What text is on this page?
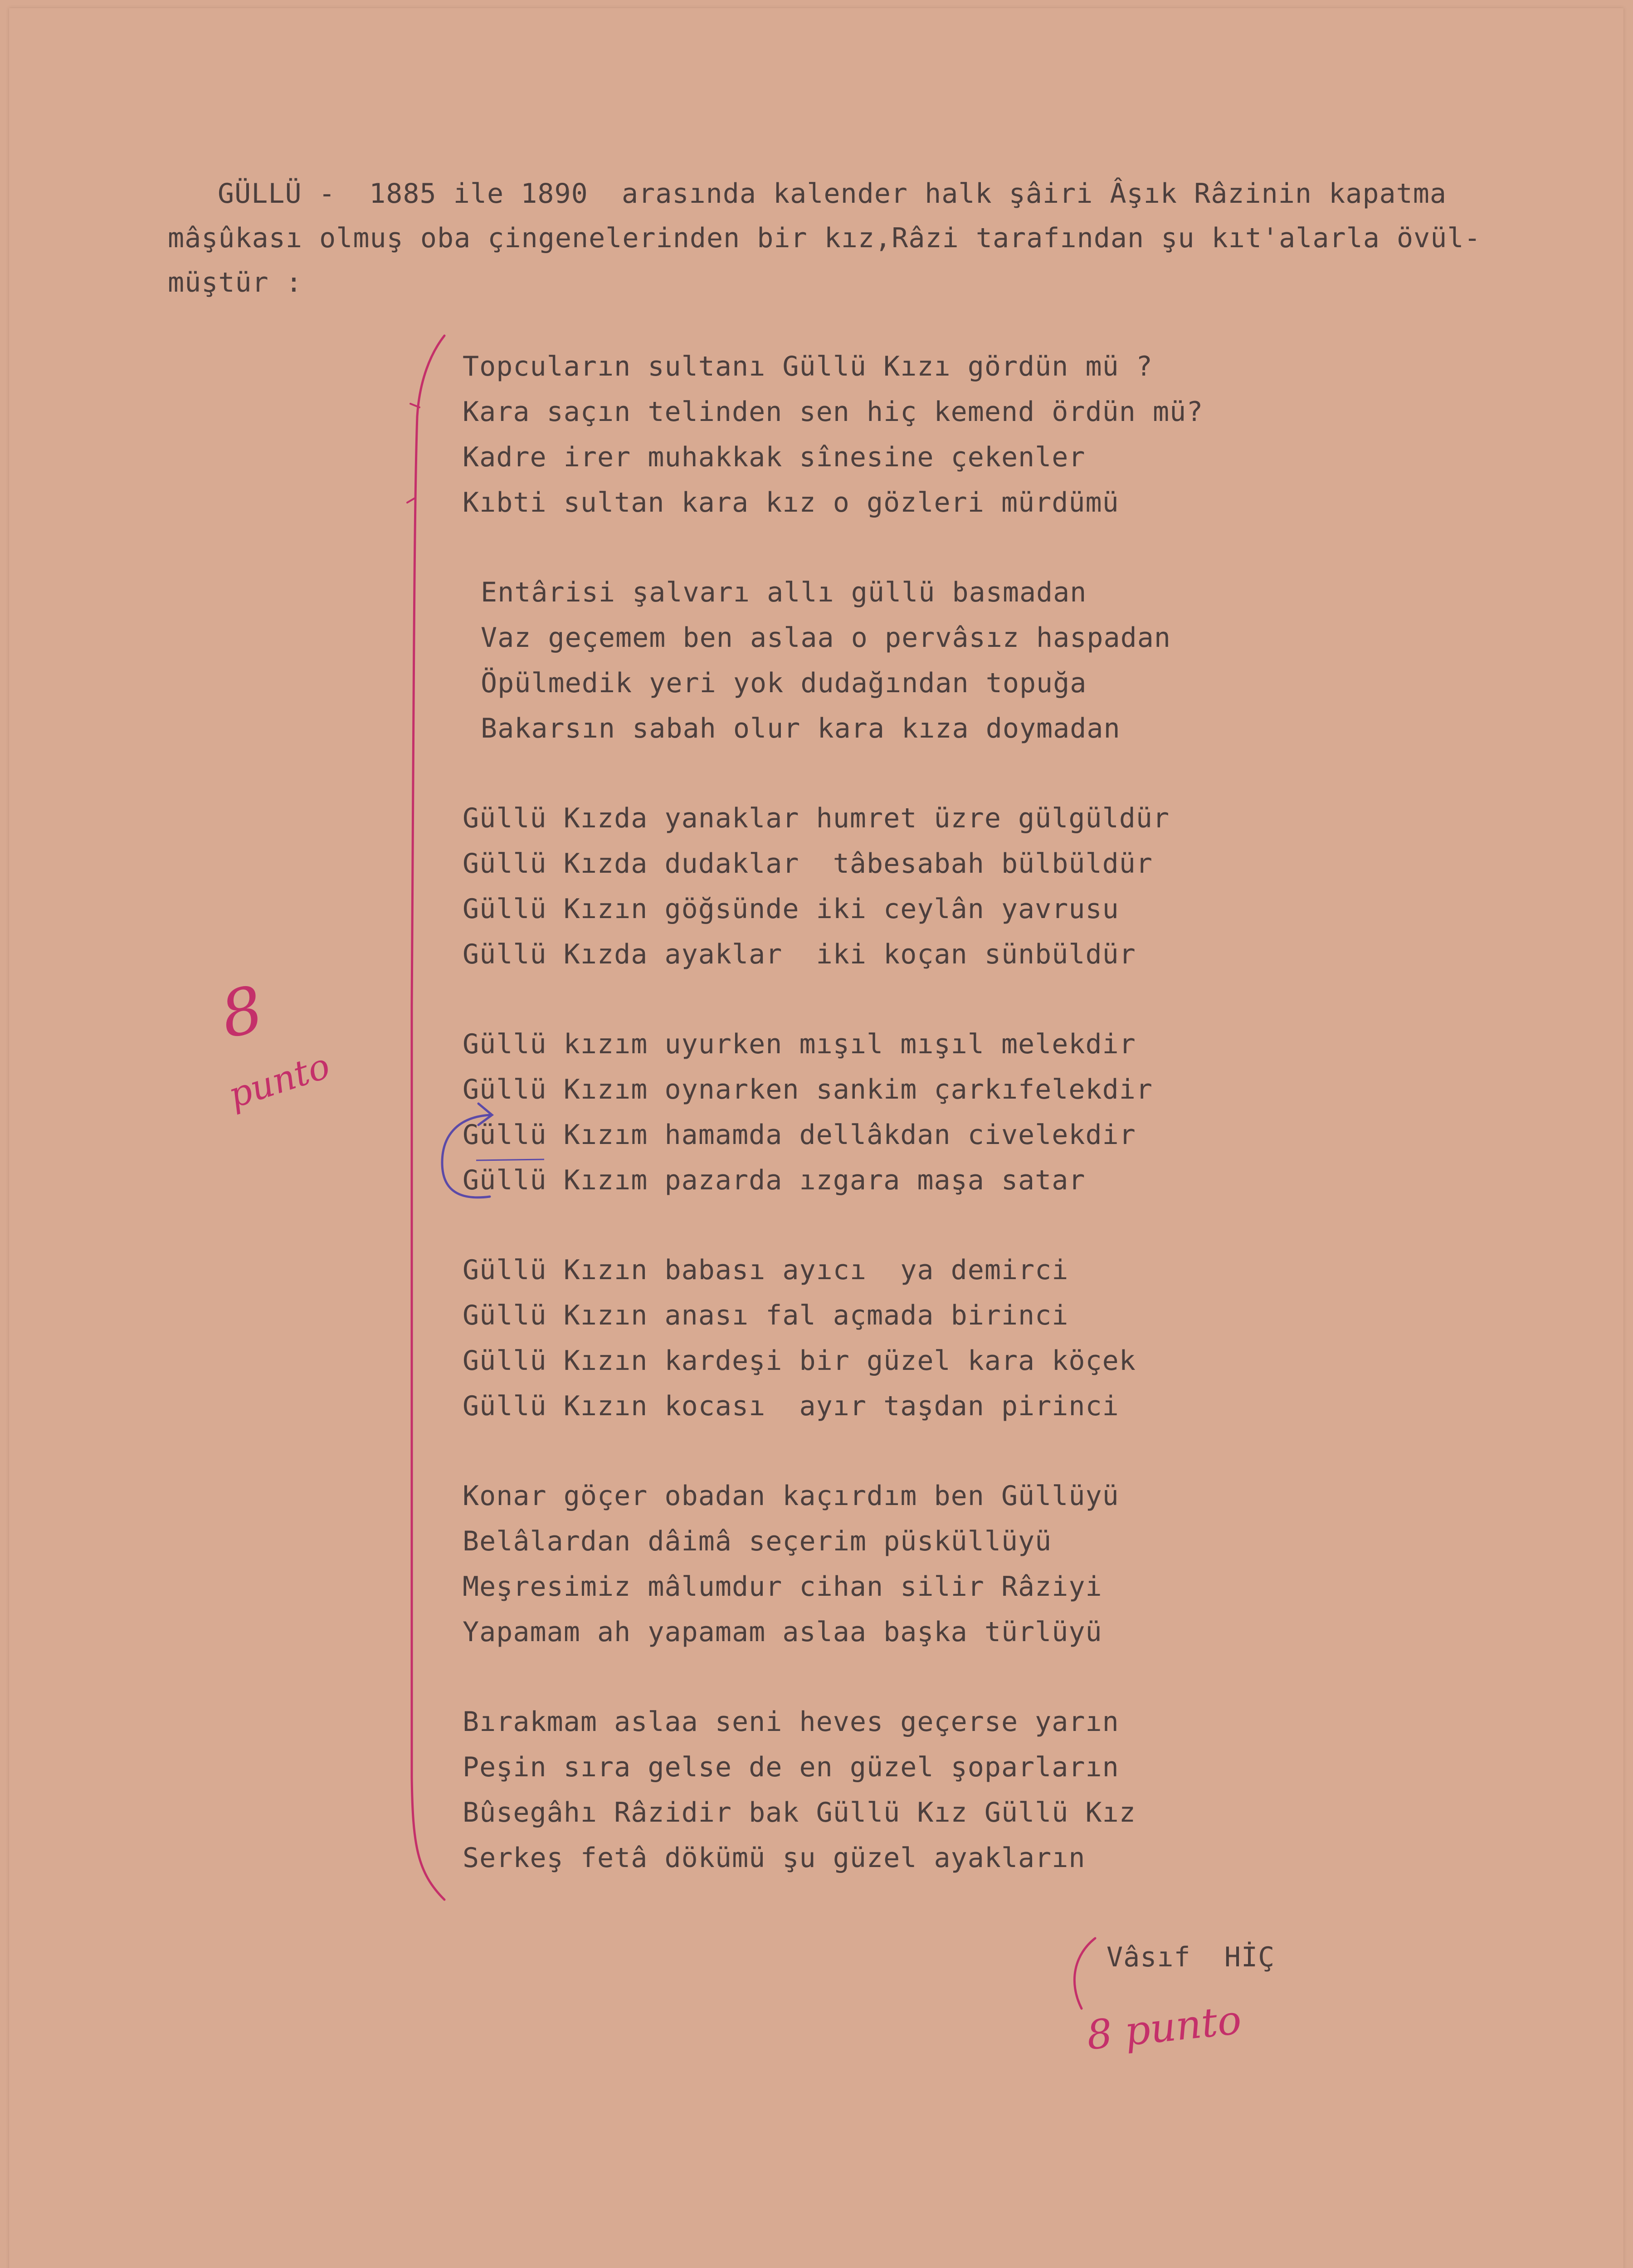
GÜLLÜ -  1885 ile 1890  arasında kalender halk şâiri Âşık Râzinin kapatma
mâşûkası olmuş oba çingenelerinden bir kız,Râzi tarafından şu kıt'alarla övül-
müştür :
Topcuların sultanı Güllü Kızı gördün mü ?
Kara saçın telinden sen hiç kemend ördün mü?
Kadre irer muhakkak sînesine çekenler
Kıbti sultan kara kız o gözleri mürdümü
Entârisi şalvarı allı güllü basmadan
Vaz geçemem ben aslaa o pervâsız haspadan
Öpülmedik yeri yok dudağından topuğa
Bakarsın sabah olur kara kıza doymadan
Güllü Kızda yanaklar humret üzre gülgüldür
Güllü Kızda dudaklar  tâbesabah bülbüldür
Güllü Kızın göğsünde iki ceylân yavrusu
Güllü Kızda ayaklar  iki koçan sünbüldür
Güllü kızım uyurken mışıl mışıl melekdir
Güllü Kızım oynarken sankim çarkıfelekdir
Güllü Kızım hamamda dellâkdan civelekdir
Güllü Kızım pazarda ızgara maşa satar
Güllü Kızın babası ayıcı  ya demirci
Güllü Kızın anası fal açmada birinci
Güllü Kızın kardeşi bir güzel kara köçek
Güllü Kızın kocası  ayır taşdan pirinci
Konar göçer obadan kaçırdım ben Güllüyü
Belâlardan dâimâ seçerim püsküllüyü
Meşresimiz mâlumdur cihan silir Râziyi
Yapamam ah yapamam aslaa başka türlüyü
Bırakmam aslaa seni heves geçerse yarın
Peşin sıra gelse de en güzel şoparların
Bûsegâhı Râzidir bak Güllü Kız Güllü Kız
Serkeş fetâ dökümü şu güzel ayakların
Vâsıf  HİÇ
8
punto
8 punto
